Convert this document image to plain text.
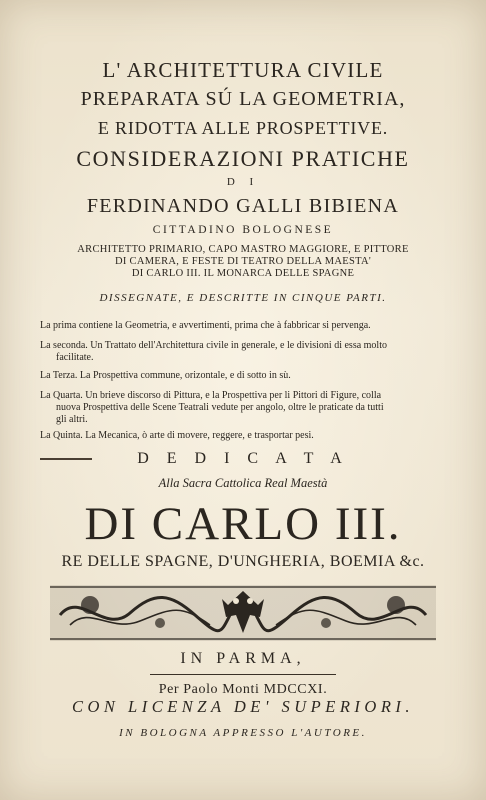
L' ARCHITETTURA CIVILE
PREPARATA SÚ LA GEOMETRIA,
E RIDOTTA ALLE PROSPETTIVE.
CONSIDERAZIONI PRATICHE
D I
FERDINANDO GALLI BIBIENA
CITTADINO BOLOGNESE
ARCHITETTO PRIMARIO, CAPO MASTRO MAGGIORE, E PITTORE
DI CAMERA, E FESTE DI TEATRO DELLA MAESTA'
DI CARLO III. IL MONARCA DELLE SPAGNE
DISSEGNATE, E DESCRITTE IN CINQUE PARTI.

La prima contiene la Geometria, e avvertimenti, prima che à fabbricar si pervenga.

La seconda. Un Trattato dell'Architettura civile in generale, e le divisioni di essa molto

facilitate.

La Terza. La Prospettiva commune, orizontale, e di sotto in sù.

La Quarta. Un brieve discorso di Pittura, e la Prospettiva per li Pittori di Figure, colla

nuova Prospettiva delle Scene Teatrali vedute per angolo, oltre le praticate da tutti

gli altri.

La Quinta. La Mecanica, ò arte di movere, reggere, e trasportar pesi.

D E D I C A T A
Alla Sacra Cattolica Real Maestà
DI CARLO III.
RE DELLE SPAGNE, D'UNGHERIA, BOEMIA &c.
IN PARMA,
Per Paolo Monti MDCCXI.
CON LICENZA DE' SUPERIORI.
IN BOLOGNA APPRESSO L'AUTORE.
